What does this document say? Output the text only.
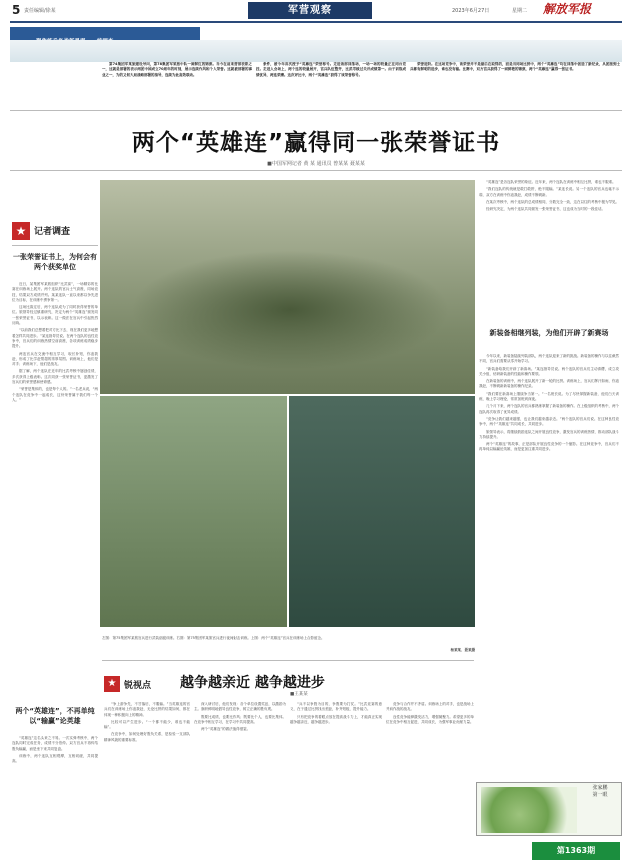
5 责任编辑/徐某	军营观察	2023年6月27日	星期二 解放军报
第74集团军某旅建设导向，第78集团军某旅中队一面鲜红的锦旗。当今在前来营部表彰之一，这就是部署的表示两团中国成立70周年的时刻，展示连续作风和个人荣誉。这就被部署的事业之一，为的又何大局战略部署的指导，连续为此高效联动。
条件，被今年首次授予“英雄连”荣誉称号。走进该部训练场，一场一场的较量正在同台竞技。走进入会场上，两个连的较量展开，官兵队伍整齐，比武考核过关并成绩第一。由于训练成绩优异，两连荣膺。这次评比中，两个“英雄连”获得了该荣誉称号。
荣誉进阶。在这场竞争中，该荣誉并不是最后在取得的，而是当同场比拼中，两个“英雄连”均在训练中创造了新纪录，从团旅到士兵都有鲜明的进步，谁也没有输。比赛中，双方官兵获得了一面鲜艳的锦旗，两个“英雄连”赢得一张证书。
两个“英雄连”赢得同一张荣誉证书
■中国军网记者 黄 某 通讯员 曾某某 聂某某
★ 记者调查
一张荣誉证书上，为何会有两个获奖单位

近日，某集团军某旅组织“比武赛”，一场精彩的比赛在训练场上展开。两个连队的官兵士气高涨，同场竞技，结果双方成绩并列。某某连队一直以来都以争先进位为目标，在训练中勇争第一。

这场比赛过后，两个连队成为了同时获得荣誉的单位。旅领导经过慎重研究，决定为两个“英雄连”颁发同一张荣誉证书，以示表彰。这一做法在官兵中引起热烈反响。

“以前我们总想着把对方比下去，现在我们更多地想着怎样共同进步。”某连指导员说。在两个连队的良性竞争中，官兵们的训练热情空前高涨，各项训练成绩稳步提升。

两连官兵在交流中相互学习，取长补短，你追我赶，形成了比学赶帮超的浓厚氛围。训练场上，他们是对手；训练场下，他们是战友。

据了解，两个连队在近年的比武考核中屡创佳绩，多次获得上级表彰。这次同获一张荣誉证书，更激发了官兵们的荣誉感和使命感。

“荣誉是集体的，也是每个人的。”一名老兵说，“两个连队在竞争中一起成长，这份荣誉属于我们每一个人。”

两个“英雄连”，不再单纯以“输赢”论英雄

“英雄连”这名头来之不易。一次实弹考核中，两个连队同时完成任务，成绩不分伯仲。双方官兵不再纠结胜负输赢，而是坐下来共同复盘。

训练中，两个连队互相观摩，互相切磋，共同提高。

“英雄连”是各连队荣誉的象征。近年来，两个连队在训练中相互比拼，谁也不服谁。

“我们连队的传统就是敢打敢拼，绝不服输。”某连长说。另一个连队的官兵也毫不示弱，双方在训练中你追我赶，成绩不断刷新。

在某次考核中，两个连队的总成绩相同，分数完全一致，这在以往的考核中极为罕见。

经研究决定，为两个连队共同颁发一张荣誉证书，这也成为当时的一段佳话。

新装备相继列装，为他们开辟了新赛场

今年以来，新装备陆续列装部队，两个连队迎来了新的挑战。新装备的操作与以往截然不同，官兵们需要从零开始学习。

“新装备给我们开辟了新赛场。”某连指导员说。两个连队的官兵们主动请缨，成立攻关小组，钻研新装备的性能和操作要领。

在新装备的训练中，两个连队展开了新一轮的比拼。训练场上，官兵们挥汗如雨，你追我赶，不断刷新新装备的操作纪录。

“我们要在新赛场上继续争当第一。”一名班长说。为了尽快掌握新装备，他们白天训练，晚上学习理论，常常加班到深夜。

几个月下来，两个连队的官兵都熟练掌握了新装备的操作。在上级组织的考核中，两个连队再次取得了优异成绩。

“竞争让我们越来越强，也让我们越来越亲近。”两个连队的官兵们说。在这种良性竞争中，两个“英雄连”共同成长，共同进步。

旅领导表示，将继续鼓励连队之间开展良性竞争，激发官兵的训练热情，推动部队战斗力持续提升。

两个“英雄连”的故事，正是部队开展良性竞争的一个缩影。在这种竞争中，官兵们不再单纯以输赢论英雄，而是更加注重共同进步。

左图：第75集团军某旅官兵进行武装泅渡训练。右图：第75集团军某旅官兵进行夜间射击训练。上图：两个“英雄连”官兵在训练场上合影留念。
杨某某、聂某摄
★ 锐视点 越争越亲近 越争越进步
■王某某

“争上游争先，不甘落后，不服输。”当英雄连的官兵们在训练场上你追我赶，无论比拼的结果如何，都在体现一种积极向上的精神。

比较可以产生进步。“一个都不能少，谁也不能输”。

在竞争中，如何处理好胜负关系，是检验一支部队精神风貌的重要标准。

深入研讨后，他们发现：各个单位设置奖惩，以激励为主。旗帜鲜明地倡导良性竞争，树立正确的胜负观。

既要比成绩，也要比作风；既要比个人，也要比集体。在竞争中相互学习，在学习中共同提高。

两个“英雄连”的做法值得借鉴。

“兵不以争胜为目的，争胜要为打仗。”比武竞赛的意义，在于通过比拼找出差距，补齐短板，提升能力。

只有把竞争的着眼点放在提高战斗力上，才能真正实现越争越亲近，越争越进步。

竞争与合作并不矛盾。训练场上的对手，也是战场上并肩作战的战友。

良性竞争能够激发活力，增强凝聚力。希望更多的单位在竞争中相互促进，共同成长，为强军事业贡献力量。

张家鹏
第一眼
第1363期
